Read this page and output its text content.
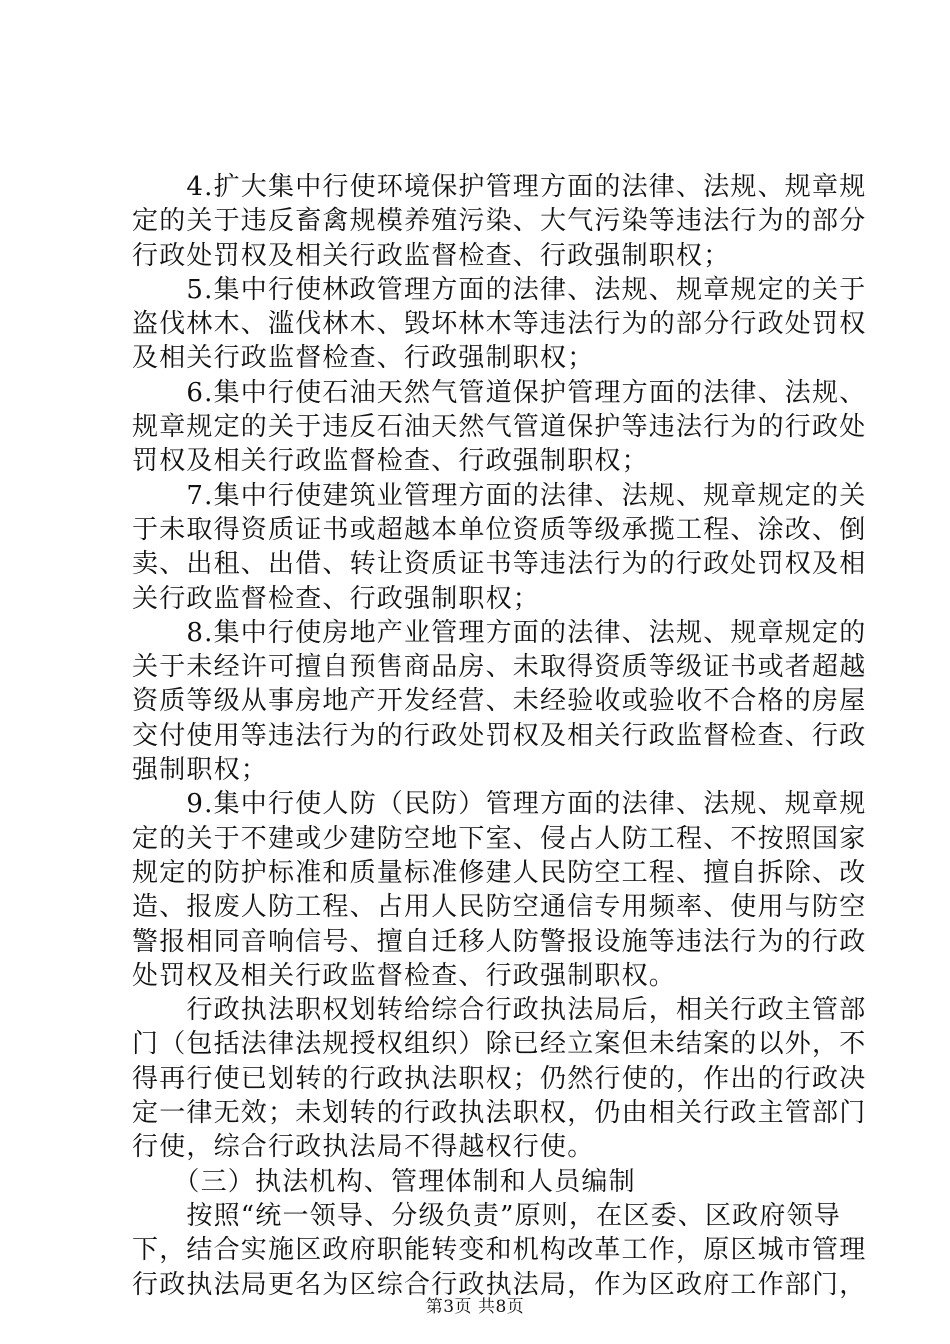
　　4.扩大集中行使环境保护管理方面的法律、法规、规章规
定的关于违反畜禽规模养殖污染、大气污染等违法行为的部分
行政处罚权及相关行政监督检查、行政强制职权；
　　5.集中行使林政管理方面的法律、法规、规章规定的关于
盗伐林木、滥伐林木、毁坏林木等违法行为的部分行政处罚权
及相关行政监督检查、行政强制职权；
　　6.集中行使石油天然气管道保护管理方面的法律、法规、
规章规定的关于违反石油天然气管道保护等违法行为的行政处
罚权及相关行政监督检查、行政强制职权；
　　7.集中行使建筑业管理方面的法律、法规、规章规定的关
于未取得资质证书或超越本单位资质等级承揽工程、涂改、倒
卖、出租、出借、转让资质证书等违法行为的行政处罚权及相
关行政监督检查、行政强制职权；
　　8.集中行使房地产业管理方面的法律、法规、规章规定的
关于未经许可擅自预售商品房、未取得资质等级证书或者超越
资质等级从事房地产开发经营、未经验收或验收不合格的房屋
交付使用等违法行为的行政处罚权及相关行政监督检查、行政
强制职权；
　　9.集中行使人防（民防）管理方面的法律、法规、规章规
定的关于不建或少建防空地下室、侵占人防工程、不按照国家
规定的防护标准和质量标准修建人民防空工程、擅自拆除、改
造、报废人防工程、占用人民防空通信专用频率、使用与防空
警报相同音响信号、擅自迁移人防警报设施等违法行为的行政
处罚权及相关行政监督检查、行政强制职权。
　　行政执法职权划转给综合行政执法局后，相关行政主管部
门（包括法律法规授权组织）除已经立案但未结案的以外，不
得再行使已划转的行政执法职权；仍然行使的，作出的行政决
定一律无效；未划转的行政执法职权，仍由相关行政主管部门
行使，综合行政执法局不得越权行使。
　　（三）执法机构、管理体制和人员编制
　　按照“统一领导、分级负责”原则，在区委、区政府领导
下，结合实施区政府职能转变和机构改革工作，原区城市管理
行政执法局更名为区综合行政执法局，作为区政府工作部门，
第3页 共8页
